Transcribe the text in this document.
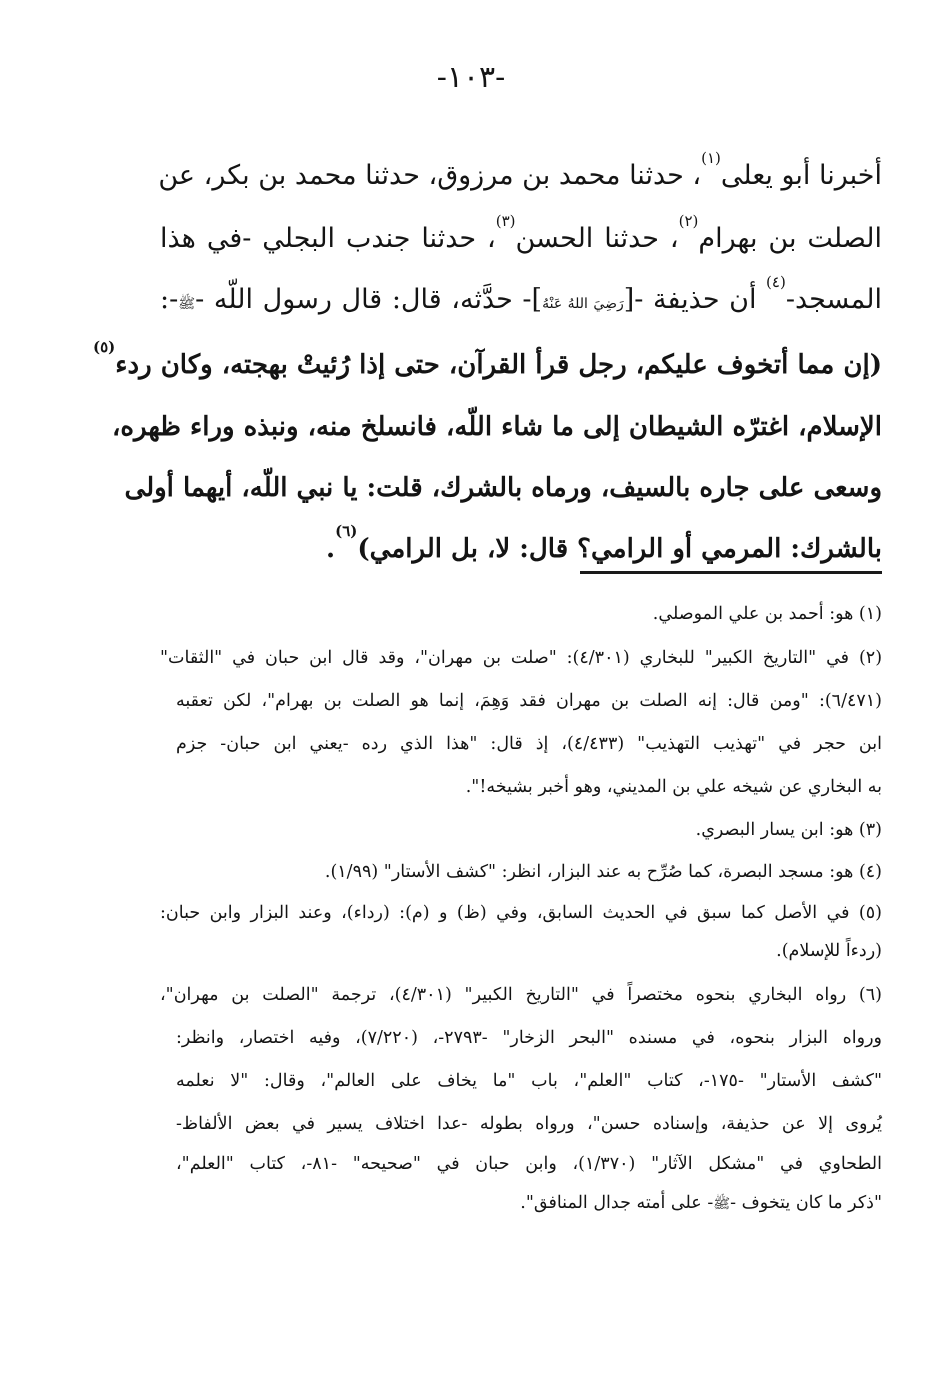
-١٠٣-
أخبرنا أبو يعلى$^{(١)}$، حدثنا محمد بن مرزوق، حدثنا محمد بن بكر، عن
الصلت بن بهرام$^{(٢)}$، حدثنا الحسن$^{(٣)}$، حدثنا جندب البجلي -في هذا
المسجد-$^{(٤)}$ أن حذيفة -[رَضِيَ اللهُ عَنْهُ]- حدَّثه، قال: قال رسول اللّه -ﷺ-:
(إن مما أتخوف عليكم، رجل قرأ القرآن، حتى إذا رُئيتْ بهجته، وكان ردء$^{(٥)}$
الإسلام، اغترّه الشيطان إلى ما شاء اللّه، فانسلخ منه، ونبذه وراء ظهره،
وسعى على جاره بالسيف، ورماه بالشرك، قلت: يا نبي اللّه، أيهما أولى
بالشرك: المرمي أو الرامي؟ قال: لا، بل الرامي)$^{(٦)}$.
(١) هو: أحمد بن علي الموصلي.
(٢) في "التاريخ الكبير" للبخاري (٤/٣٠١): "صلت بن مهران"، وقد قال ابن حبان في "الثقات"
(٦/٤٧١): "ومن قال: إنه الصلت بن مهران فقد وَهِمَ، إنما هو الصلت بن بهرام"، لكن تعقبه
ابن حجر في "تهذيب التهذيب" (٤/٤٣٣)، إذ قال: "هذا الذي رده -يعني ابن حبان- جزم
به البخاري عن شيخه علي بن المديني، وهو أخبر بشيخه!".
(٣) هو: ابن يسار البصري.
(٤) هو: مسجد البصرة، كما صُرِّح به عند البزار، انظر: "كشف الأستار" (١/٩٩).
(٥) في الأصل كما سبق في الحديث السابق، وفي (ظ) و (م): (رداء)، وعند البزار وابن حبان:
(ردءاً للإسلام).
(٦) رواه البخاري بنحوه مختصراً في "التاريخ الكبير" (٤/٣٠١)، ترجمة "الصلت بن مهران"،
ورواه البزار بنحوه، في مسنده "البحر الزخار" -٢٧٩٣-، (٧/٢٢٠)، وفيه اختصار، وانظر:
"كشف الأستار" -١٧٥-، كتاب "العلم"، باب "ما يخاف على العالم"، وقال: "لا نعلمه
يُروى إلا عن حذيفة، وإسناده حسن"، ورواه بطوله -عدا اختلاف يسير في بعض الألفاظ-
الطحاوي في "مشكل الآثار" (١/٣٧٠)، وابن حبان في "صحيحه" -٨١-، كتاب "العلم"،
"ذكر ما كان يتخوف -ﷺ- على أمته جدال المنافق".
